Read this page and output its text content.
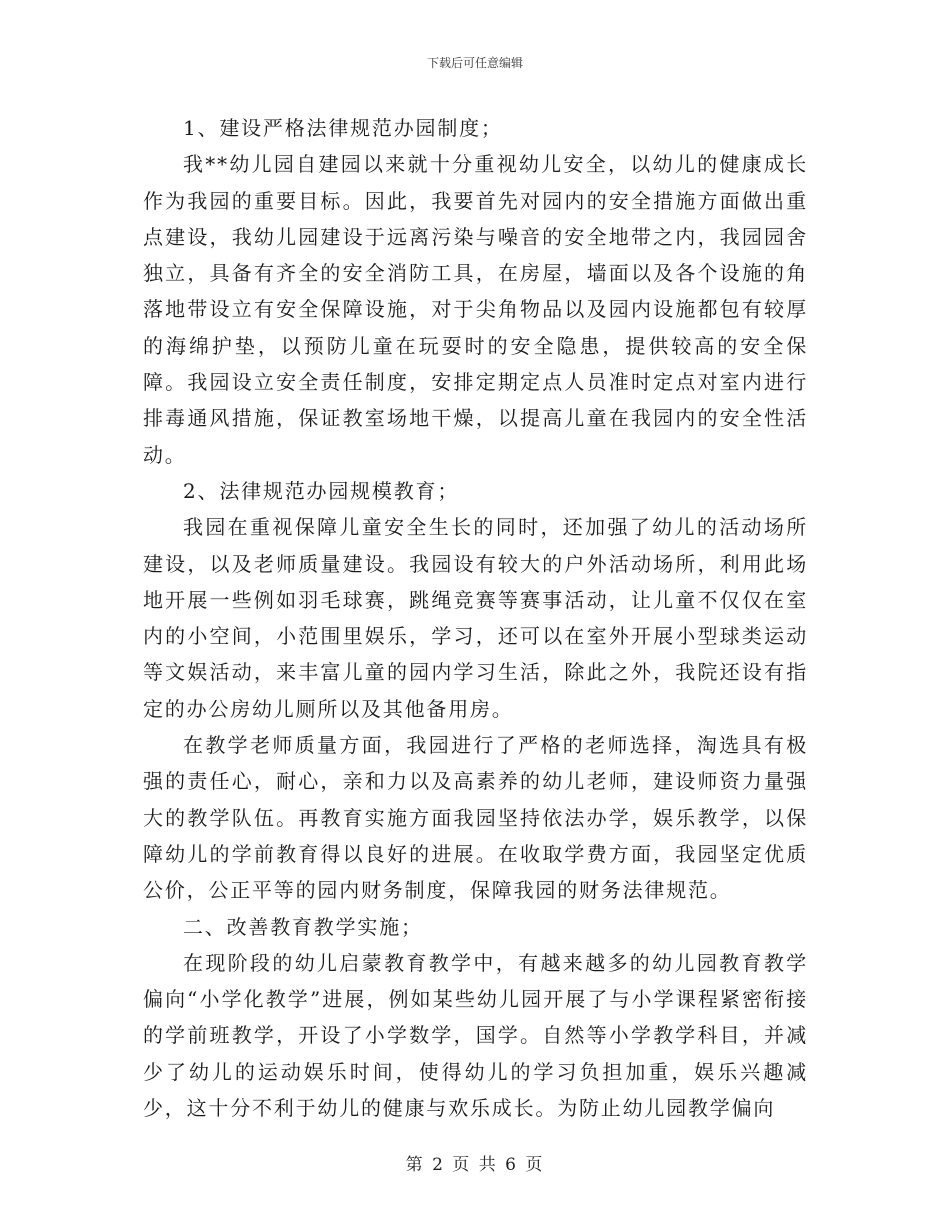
下载后可任意编辑

1、建设严格法律规范办园制度；

我**幼儿园自建园以来就十分重视幼儿安全，以幼儿的健康成长作为我园的重要目标。因此，我要首先对园内的安全措施方面做出重点建设，我幼儿园建设于远离污染与噪音的安全地带之内，我园园舍独立，具备有齐全的安全消防工具，在房屋，墙面以及各个设施的角落地带设立有安全保障设施，对于尖角物品以及园内设施都包有较厚的海绵护垫，以预防儿童在玩耍时的安全隐患，提供较高的安全保障。我园设立安全责任制度，安排定期定点人员准时定点对室内进行排毒通风措施，保证教室场地干燥，以提高儿童在我园内的安全性活动。

2、法律规范办园规模教育；

我园在重视保障儿童安全生长的同时，还加强了幼儿的活动场所建设，以及老师质量建设。我园设有较大的户外活动场所，利用此场地开展一些例如羽毛球赛，跳绳竞赛等赛事活动，让儿童不仅仅在室内的小空间，小范围里娱乐，学习，还可以在室外开展小型球类运动等文娱活动，来丰富儿童的园内学习生活，除此之外，我院还设有指定的办公房幼儿厕所以及其他备用房。

在教学老师质量方面，我园进行了严格的老师选择，淘选具有极强的责任心，耐心，亲和力以及高素养的幼儿老师，建设师资力量强大的教学队伍。再教育实施方面我园坚持依法办学，娱乐教学，以保障幼儿的学前教育得以良好的进展。在收取学费方面，我园坚定优质公价，公正平等的园内财务制度，保障我园的财务法律规范。

二、改善教育教学实施；

在现阶段的幼儿启蒙教育教学中，有越来越多的幼儿园教育教学偏向“小学化教学”进展，例如某些幼儿园开展了与小学课程紧密衔接的学前班教学，开设了小学数学，国学。自然等小学教学科目，并减少了幼儿的运动娱乐时间，使得幼儿的学习负担加重，娱乐兴趣减少，这十分不利于幼儿的健康与欢乐成长。为防止幼儿园教学偏向

第 2 页 共 6 页
